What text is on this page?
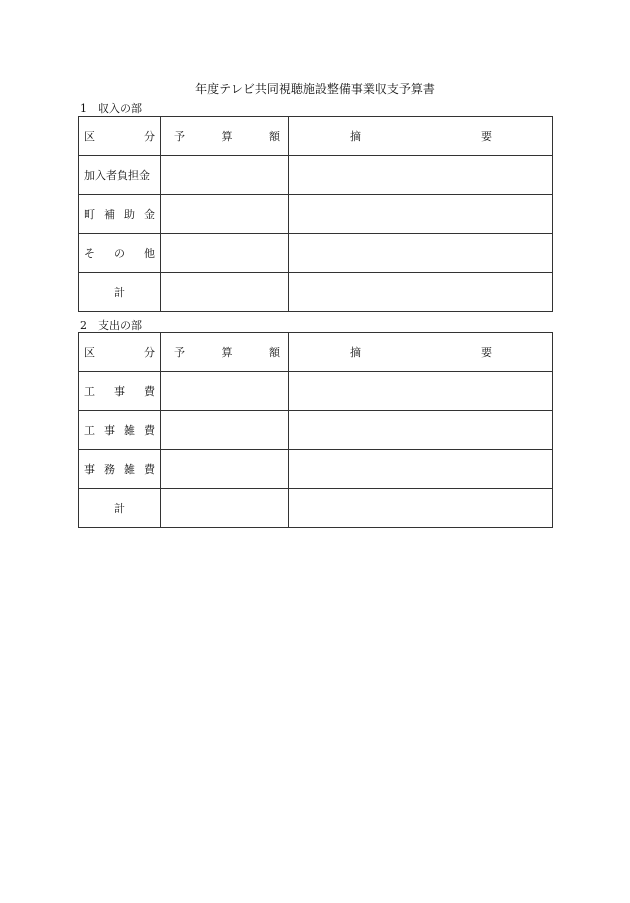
年度テレビ共同視聴施設整備事業収支予算書
1 収入の部
区 分	予 算 額	摘 要

加入者負担金		

町 補 助 金		

そ の 他		

計		
2 支出の部
区 分	予 算 額	摘 要

工 事 費		

工 事 雑 費		

事 務 雑 費		

計		
